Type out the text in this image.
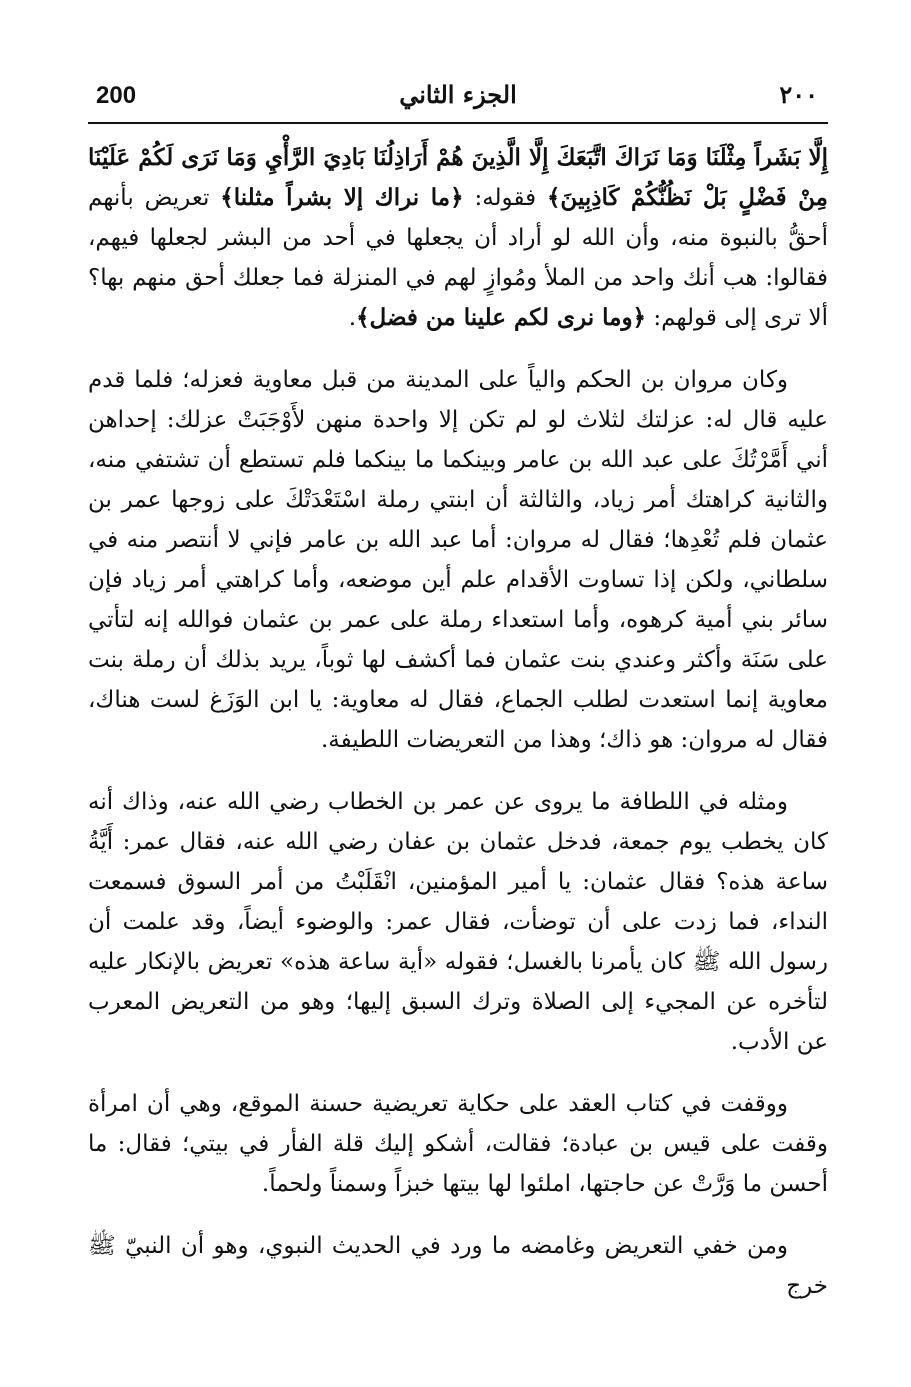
200	الجزء الثاني	٢٠٠

إِلَّا بَشَراً مِثْلَنَا وَمَا نَرَاكَ اتَّبَعَكَ إِلَّا الَّذِينَ هُمْ أَرَاذِلُنَا بَادِيَ الرَّأْيِ وَمَا نَرَى لَكُمْ عَلَيْنَا مِنْ فَضْلٍ بَلْ نَظُنُّكُمْ كَاذِبِينَ﴾ فقوله: ﴿ما نراك إلا بشراً مثلنا﴾ تعريض بأنهم أحقُّ بالنبوة منه، وأن الله لو أراد أن يجعلها في أحد من البشر لجعلها فيهم، فقالوا: هب أنك واحد من الملأ ومُوازٍ لهم في المنزلة فما جعلك أحق منهم بها؟ ألا ترى إلى قولهم: ﴿وما نرى لكم علينا من فضل﴾.

وكان مروان بن الحكم والياً على المدينة من قبل معاوية فعزله؛ فلما قدم عليه قال له: عزلتك لثلاث لو لم تكن إلا واحدة منهن لأَوْجَبَتْ عزلك: إحداهن أني أَمَّرْتُكَ على عبد الله بن عامر وبينكما ما بينكما فلم تستطع أن تشتفي منه، والثانية كراهتك أمر زياد، والثالثة أن ابنتي رملة اسْتَعْدَتْكَ على زوجها عمر بن عثمان فلم تُعْدِها؛ فقال له مروان: أما عبد الله بن عامر فإني لا أنتصر منه في سلطاني، ولكن إذا تساوت الأقدام علم أين موضعه، وأما كراهتي أمر زياد فإن سائر بني أمية كرهوه، وأما استعداء رملة على عمر بن عثمان فوالله إنه لتأتي على سَنَة وأكثر وعندي بنت عثمان فما أكشف لها ثوباً، يريد بذلك أن رملة بنت معاوية إنما استعدت لطلب الجماع، فقال له معاوية: يا ابن الوَزَغ لست هناك، فقال له مروان: هو ذاك؛ وهذا من التعريضات اللطيفة.

ومثله في اللطافة ما يروى عن عمر بن الخطاب رضي الله عنه، وذاك أنه كان يخطب يوم جمعة، فدخل عثمان بن عفان رضي الله عنه، فقال عمر: أَيَّةُ ساعة هذه؟ فقال عثمان: يا أمير المؤمنين، انْقَلَبْتُ من أمر السوق فسمعت النداء، فما زدت على أن توضأت، فقال عمر: والوضوء أيضاً، وقد علمت أن رسول الله ﷺ كان يأمرنا بالغسل؛ فقوله «أية ساعة هذه» تعريض بالإنكار عليه لتأخره عن المجيء إلى الصلاة وترك السبق إليها؛ وهو من التعريض المعرب عن الأدب.

ووقفت في كتاب العقد على حكاية تعريضية حسنة الموقع، وهي أن امرأة وقفت على قيس بن عبادة؛ فقالت، أشكو إليك قلة الفأر في بيتي؛ فقال: ما أحسن ما وَرَّتْ عن حاجتها، املئوا لها بيتها خبزاً وسمناً ولحماً.

ومن خفي التعريض وغامضه ما ورد في الحديث النبوي، وهو أن النبيّ ﷺ خرج
